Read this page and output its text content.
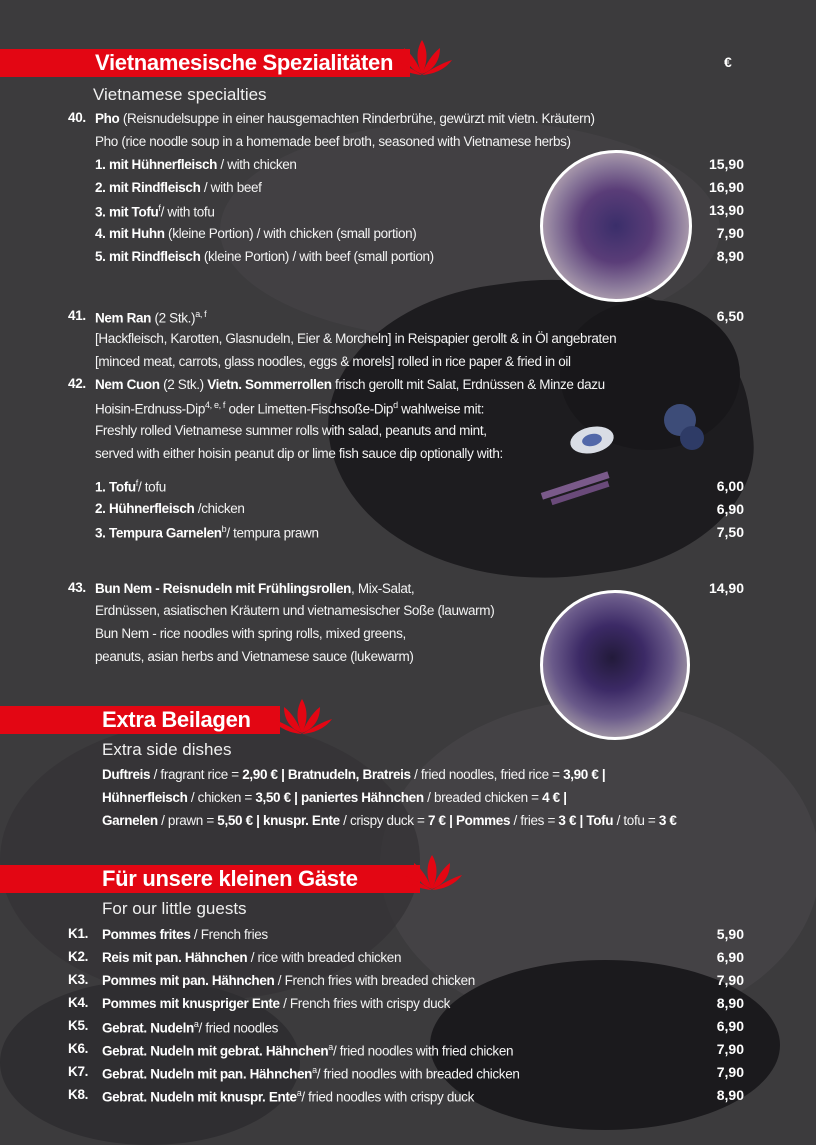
Vietnamesische Spezialitäten	€
Vietnamese specialties
40. Pho (Reisnudelsuppe in einer hausgemachten Rinderbrühe, gewürzt mit vietn. Kräutern)
Pho (rice noodle soup in a homemade beef broth, seasoned with Vietnamese herbs)
1. mit Hühnerfleisch / with chicken	15,90
2. mit Rindfleisch / with beef	16,90
3. mit Tofu$^f$/ with tofu	13,90
4. mit Huhn (kleine Portion) / with chicken (small portion)	7,90
5. mit Rindfleisch (kleine Portion) / with beef (small portion)	8,90
41. Nem Ran (2 Stk.)$^{a, f}$	6,50
[Hackfleisch, Karotten, Glasnudeln, Eier & Morcheln] in Reispapier gerollt & in Öl angebraten
[minced meat, carrots, glass noodles, eggs & morels] rolled in rice paper & fried in oil
42. Nem Cuon (2 Stk.) Vietn. Sommerrollen frisch gerollt mit Salat, Erdnüssen & Minze dazu
Hoisin-Erdnuss-Dip$^{4, e, f}$ oder Limetten-Fischsoße-Dip$^d$ wahlweise mit:
Freshly rolled Vietnamese summer rolls with salad, peanuts and mint,
served with either hoisin peanut dip or lime fish sauce dip optionally with:
1. Tofu$^f$/ tofu	6,00
2. Hühnerfleisch /chicken	6,90
3. Tempura Garnelen$^b$/ tempura prawn	7,50
43. Bun Nem - Reisnudeln mit Frühlingsrollen, Mix-Salat,	14,90
Erdnüssen, asiatischen Kräutern und vietnamesischer Soße (lauwarm)
Bun Nem - rice noodles with spring rolls, mixed greens,
peanuts, asian herbs and Vietnamese sauce (lukewarm)
Extra Beilagen
Extra side dishes
Duftreis / fragrant rice = 2,90 € | Bratnudeln, Bratreis / fried noodles, fried rice = 3,90 € |
Hühnerfleisch / chicken = 3,50 € | paniertes Hähnchen / breaded chicken = 4 € |
Garnelen / prawn = 5,50 € | knuspr. Ente / crispy duck = 7 € | Pommes / fries = 3 € | Tofu / tofu = 3 €
Für unsere kleinen Gäste
For our little guests
K1. Pommes frites / French fries	5,90
K2. Reis mit pan. Hähnchen / rice with breaded chicken	6,90
K3. Pommes mit pan. Hähnchen / French fries with breaded chicken	7,90
K4. Pommes mit knuspriger Ente / French fries with crispy duck	8,90
K5. Gebrat. Nudeln$^a$/ fried noodles	6,90
K6. Gebrat. Nudeln mit gebrat. Hähnchen$^a$/ fried noodles with fried chicken	7,90
K7. Gebrat. Nudeln mit pan. Hähnchen$^a$/ fried noodles with breaded chicken	7,90
K8. Gebrat. Nudeln mit knuspr. Ente$^a$/ fried noodles with crispy duck	8,90
